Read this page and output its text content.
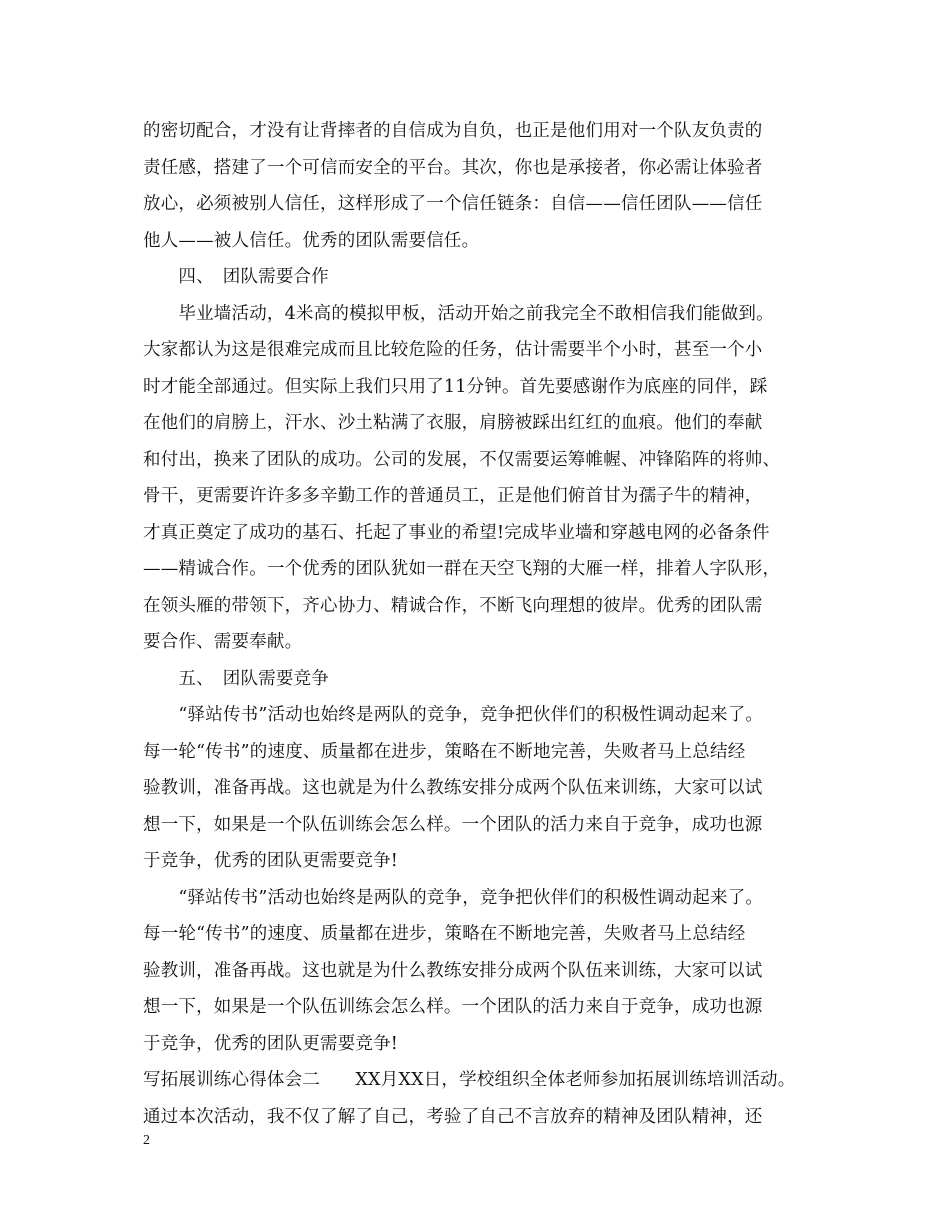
的密切配合，才没有让背摔者的自信成为自负，也正是他们用对一个队友负责的
责任感，搭建了一个可信而安全的平台。其次，你也是承接者，你必需让体验者
放心，必须被别人信任，这样形成了一个信任链条：自信——信任团队——信任
他人——被人信任。优秀的团队需要信任。
　　四、　团队需要合作
　　毕业墙活动，4米高的模拟甲板，活动开始之前我完全不敢相信我们能做到。
大家都认为这是很难完成而且比较危险的任务，估计需要半个小时，甚至一个小
时才能全部通过。但实际上我们只用了11分钟。首先要感谢作为底座的同伴，踩
在他们的肩膀上，汗水、沙土粘满了衣服，肩膀被踩出红红的血痕。他们的奉献
和付出，换来了团队的成功。公司的发展，不仅需要运筹帷幄、冲锋陷阵的将帅、
骨干，更需要许许多多辛勤工作的普通员工，正是他们俯首甘为孺子牛的精神，
才真正奠定了成功的基石、托起了事业的希望!完成毕业墙和穿越电网的必备条件
——精诚合作。一个优秀的团队犹如一群在天空飞翔的大雁一样，排着人字队形，
在领头雁的带领下，齐心协力、精诚合作，不断飞向理想的彼岸。优秀的团队需
要合作、需要奉献。
　　五、　团队需要竞争
　　“驿站传书”活动也始终是两队的竞争，竞争把伙伴们的积极性调动起来了。
每一轮“传书”的速度、质量都在进步，策略在不断地完善，失败者马上总结经
验教训，准备再战。这也就是为什么教练安排分成两个队伍来训练，大家可以试
想一下，如果是一个队伍训练会怎么样。一个团队的活力来自于竞争，成功也源
于竞争，优秀的团队更需要竞争!
　　“驿站传书”活动也始终是两队的竞争，竞争把伙伴们的积极性调动起来了。
每一轮“传书”的速度、质量都在进步，策略在不断地完善，失败者马上总结经
验教训，准备再战。这也就是为什么教练安排分成两个队伍来训练，大家可以试
想一下，如果是一个队伍训练会怎么样。一个团队的活力来自于竞争，成功也源
于竞争，优秀的团队更需要竞争!
写拓展训练心得体会二　　XX月XX日，学校组织全体老师参加拓展训练培训活动。
通过本次活动，我不仅了解了自己，考验了自己不言放弃的精神及团队精神，还
2
